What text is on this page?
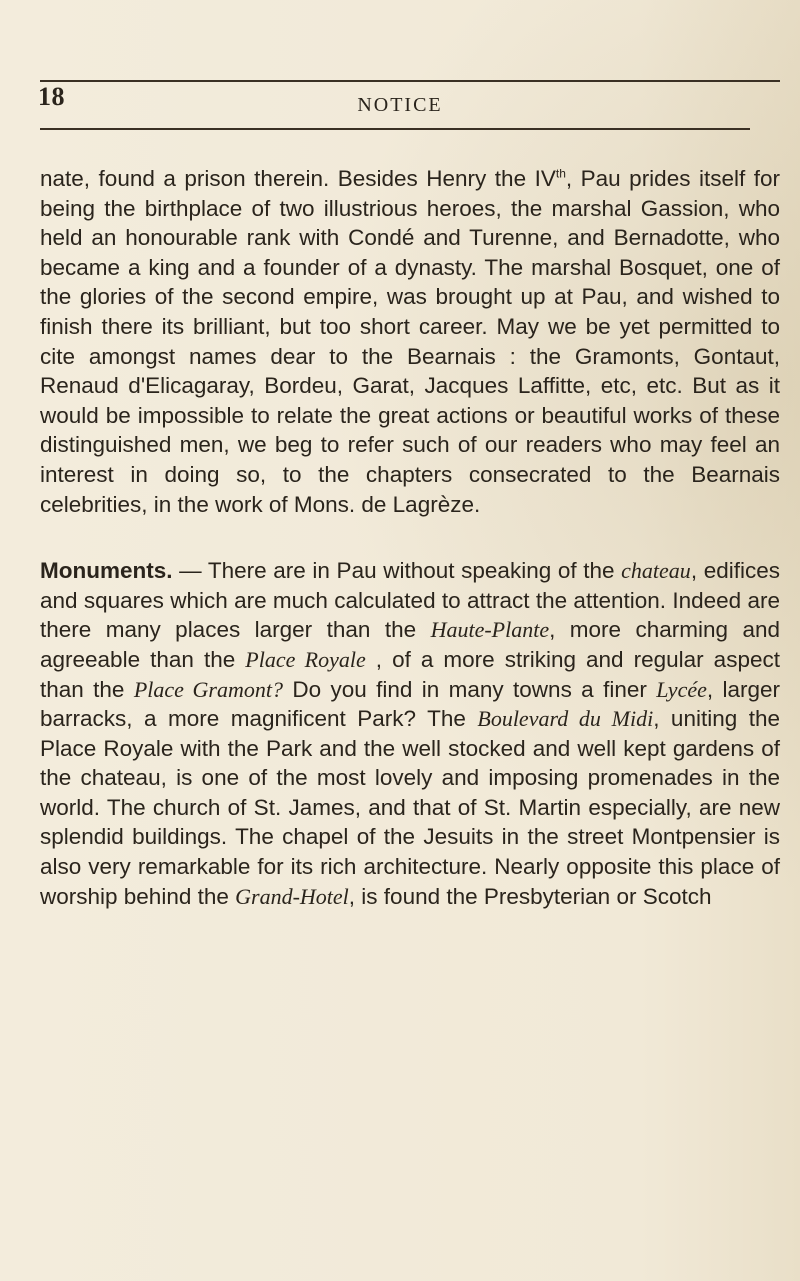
18	NOTICE

nate, found a prison therein. Besides Henry the IVth, Pau prides itself for being the birthplace of two illustrious heroes, the marshal Gassion, who held an honourable rank with Condé and Turenne, and Bernadotte, who became a king and a founder of a dynasty. The marshal Bosquet, one of the glories of the second empire, was brought up at Pau, and wished to finish there its brilliant, but too short career. May we be yet permitted to cite amongst names dear to the Bearnais : the Gramonts, Gontaut, Renaud d'Elicagaray, Bordeu, Garat, Jacques Laffitte, etc, etc. But as it would be impossible to relate the great actions or beautiful works of these distinguished men, we beg to refer such of our readers who may feel an interest in doing so, to the chapters consecrated to the Bearnais celebrities, in the work of Mons. de Lagrèze.

Monuments. — There are in Pau without speaking of the chateau, edifices and squares which are much calculated to attract the attention. Indeed are there many places larger than the Haute-Plante, more charming and agreeable than the Place Royale , of a more striking and regular aspect than the Place Gramont? Do you find in many towns a finer Lycée, larger barracks, a more magnificent Park? The Boulevard du Midi, uniting the Place Royale with the Park and the well stocked and well kept gardens of the chateau, is one of the most lovely and imposing promenades in the world. The church of St. James, and that of St. Martin especially, are new splendid buildings. The chapel of the Jesuits in the street Montpensier is also very remarkable for its rich architecture. Nearly opposite this place of worship behind the Grand-Hotel, is found the Presbyterian or Scotch
